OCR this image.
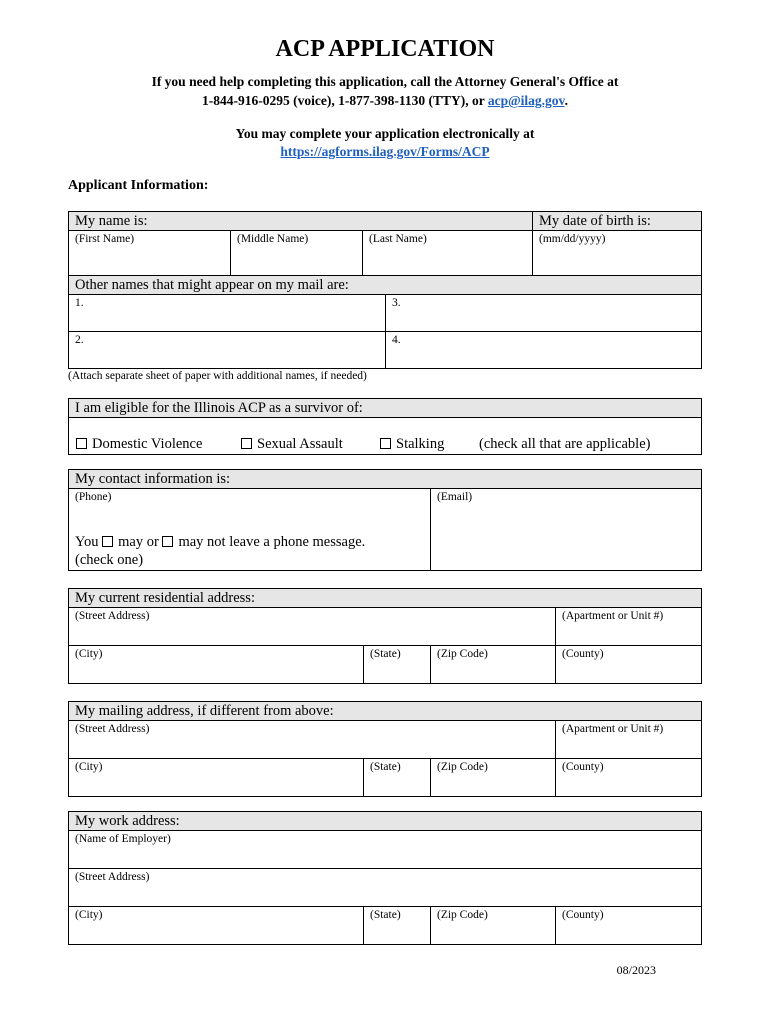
ACP APPLICATION
If you need help completing this application, call the Attorney General's Office at
1-844-916-0295 (voice), 1-877-398-1130 (TTY), or acp@ilag.gov.
You may complete your application electronically at
https://agforms.ilag.gov/Forms/ACP
Applicant Information:
My name is:	My date of birth is:
(First Name)	(Middle Name)	(Last Name)	(mm/dd/yyyy)
Other names that might appear on my mail are:
1.	3.
2.	4.
(Attach separate sheet of paper with additional names, if needed)
I am eligible for the Illinois ACP as a survivor of:
Domestic Violence	Sexual Assault	Stalking (check all that are applicable)
My contact information is:
(Phone)	(Email)
You may or may not leave a phone message.
(check one)
My current residential address:
(Street Address)	(Apartment or Unit #)
(City)	(State)	(Zip Code)	(County)
My mailing address, if different from above:
(Street Address)	(Apartment or Unit #)
(City)	(State)	(Zip Code)	(County)
My work address:
(Name of Employer)
(Street Address)
(City)	(State)	(Zip Code)	(County)
08/2023
